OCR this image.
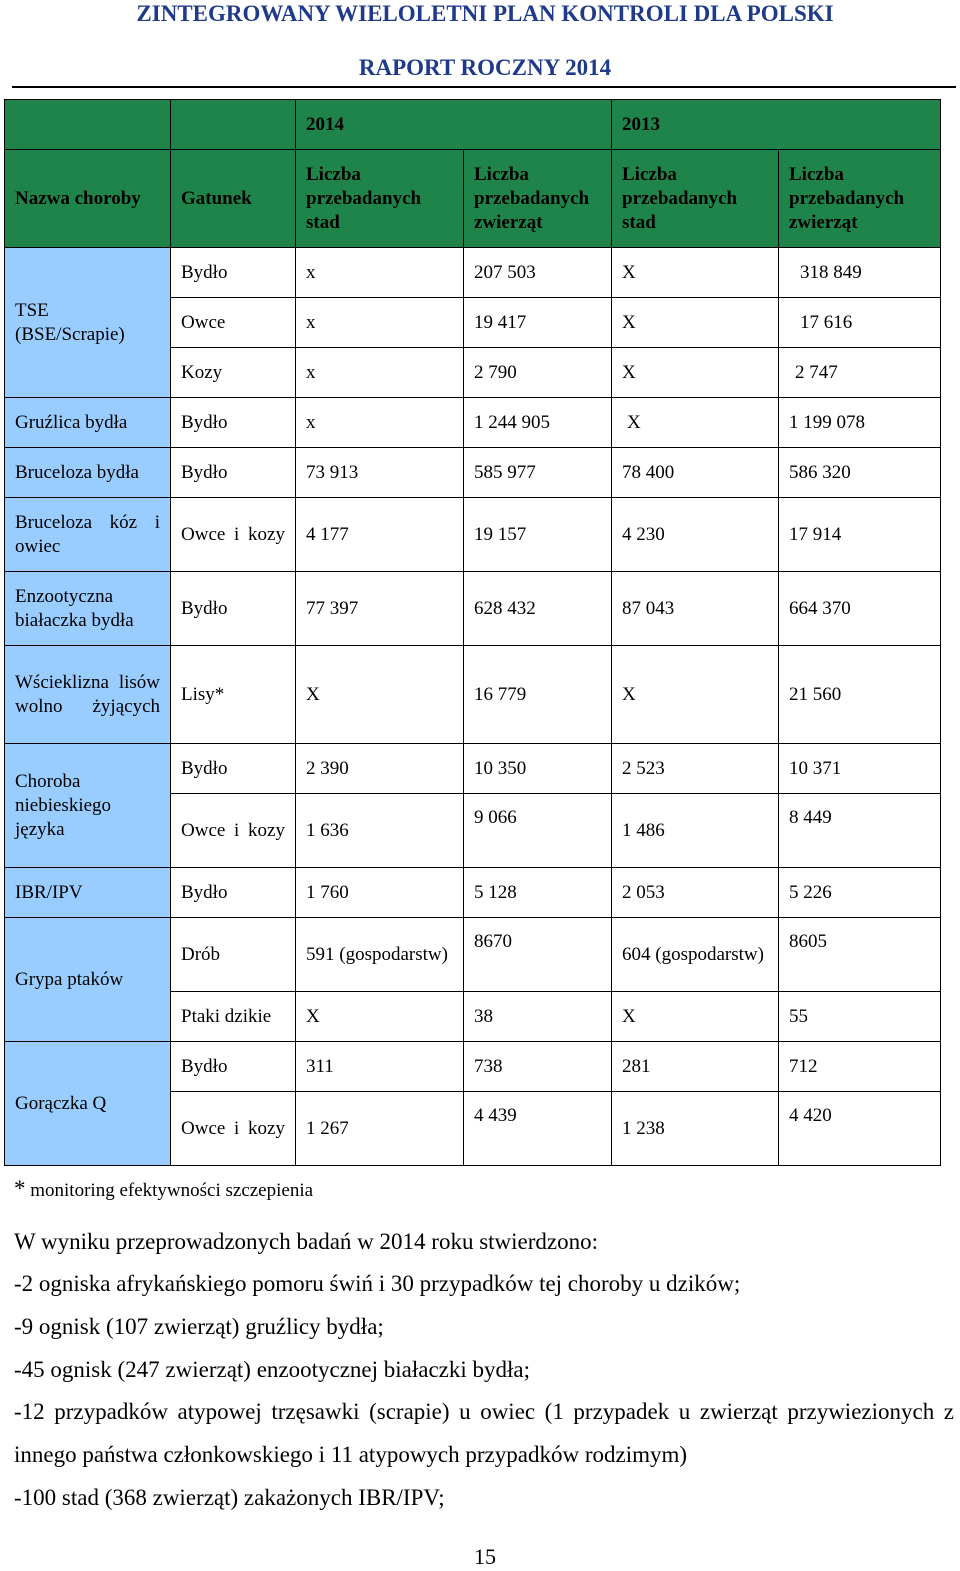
ZINTEGROWANY WIELOLETNI PLAN KONTROLI DLA POLSKI
RAPORT ROCZNY 2014
		2014		2013	
Nazwa choroby	Gatunek	Liczba przebadanych stad	Liczba przebadanych zwierząt	Liczba przebadanych stad	Liczba przebadanych zwierząt
TSE (BSE/Scrapie)	Bydło	x	207 503	X	318 849
	Owce	x	19 417	X	17 616
	Kozy	x	2 790	X	2 747
Gruźlica bydła	Bydło	x	1 244 905	X	1 199 078
Bruceloza bydła	Bydło	73 913	585 977	78 400	586 320
Bruceloza kóz i owiec	Owce i kozy	4 177	19 157	4 230	17 914
Enzootyczna białaczka bydła	Bydło	77 397	628 432	87 043	664 370
Wścieklizna lisów wolno żyjących	Lisy*	X	16 779	X	21 560
Choroba niebieskiego języka	Bydło	2 390	10 350	2 523	10 371
	Owce i kozy	1 636	9 066	1 486	8 449
IBR/IPV	Bydło	1 760	5 128	2 053	5 226
Grypa ptaków	Drób	591 (gospodarstw)	8670	604 (gospodarstw)	8605
	Ptaki dzikie	X	38	X	55
Gorączka Q	Bydło	311	738	281	712
	Owce i kozy	1 267	4 439	1 238	4 420
* monitoring efektywności szczepienia
W wyniku przeprowadzonych badań w 2014 roku stwierdzono:
-2 ogniska afrykańskiego pomoru świń i 30 przypadków tej choroby u dzików;
-9 ognisk (107 zwierząt) gruźlicy bydła;
-45 ognisk (247 zwierząt) enzootycznej białaczki bydła;
-12 przypadków atypowej trzęsawki (scrapie) u owiec (1 przypadek u zwierząt przywiezionych z innego państwa członkowskiego i 11 atypowych przypadków rodzimym)
-100 stad (368 zwierząt) zakażonych IBR/IPV;
15
